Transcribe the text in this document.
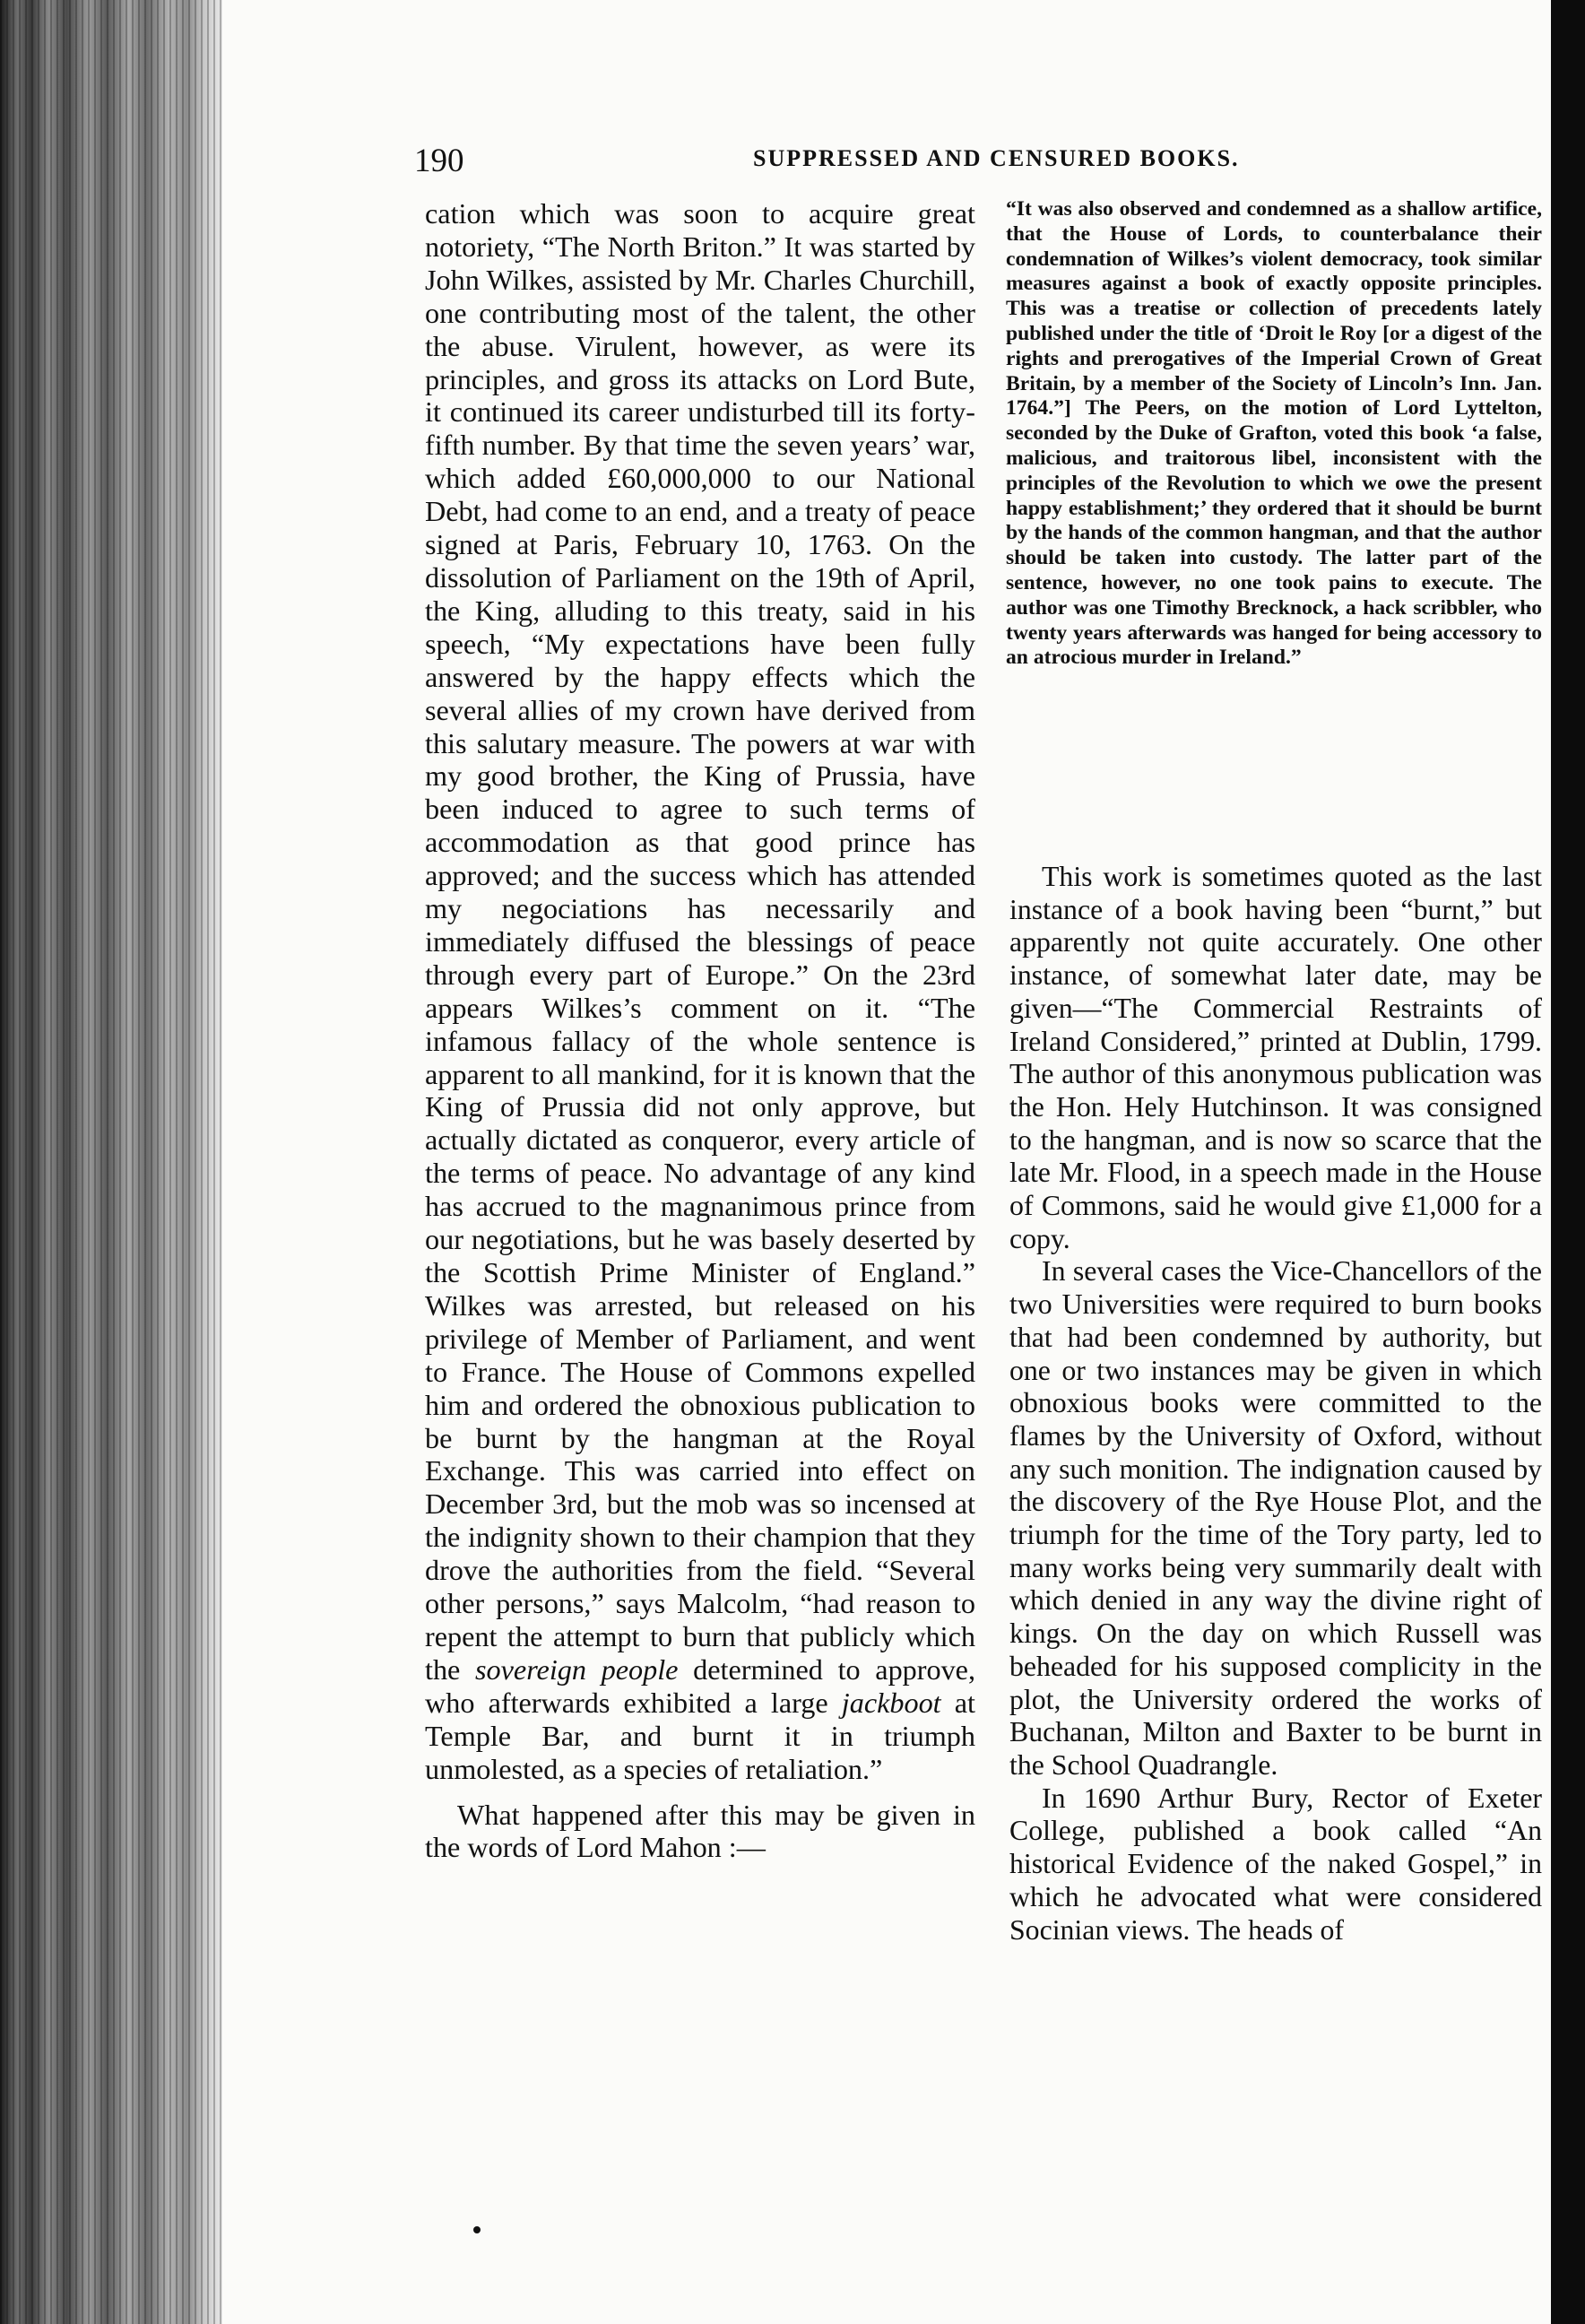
190	SUPPRESSED AND CENSURED BOOKS.

cation which was soon to acquire great notoriety, “The North Briton.” It was started by John Wilkes, assisted by Mr. Charles Churchill, one contributing most of the talent, the other the abuse. Virulent, however, as were its principles, and gross its attacks on Lord Bute, it continued its career undisturbed till its forty-fifth number. By that time the seven years’ war, which added £60,000,000 to our National Debt, had come to an end, and a treaty of peace signed at Paris, February 10, 1763. On the dissolution of Parliament on the 19th of April, the King, alluding to this treaty, said in his speech, “My expectations have been fully answered by the happy effects which the several allies of my crown have derived from this salutary measure. The powers at war with my good brother, the King of Prussia, have been induced to agree to such terms of accommodation as that good prince has approved; and the success which has attended my negociations has necessarily and immediately diffused the blessings of peace through every part of Europe.” On the 23rd appears Wilkes’s comment on it. “The infamous fallacy of the whole sentence is apparent to all mankind, for it is known that the King of Prussia did not only approve, but actually dictated as conqueror, every article of the terms of peace. No advantage of any kind has accrued to the magnanimous prince from our negotiations, but he was basely deserted by the Scottish Prime Minister of England.” Wilkes was arrested, but released on his privilege of Member of Parliament, and went to France. The House of Commons expelled him and ordered the obnoxious publication to be burnt by the hangman at the Royal Exchange. This was carried into effect on December 3rd, but the mob was so incensed at the indignity shown to their champion that they drove the authorities from the field. “Several other persons,” says Malcolm, “had reason to repent the attempt to burn that publicly which the sovereign people determined to approve, who afterwards exhibited a large jackboot at Temple Bar, and burnt it in triumph unmolested, as a species of retaliation.”

What happened after this may be given in the words of Lord Mahon :—

“It was also observed and condemned as a shallow artifice, that the House of Lords, to counterbalance their condemnation of Wilkes’s violent democracy, took similar measures against a book of exactly opposite principles. This was a treatise or collection of precedents lately published under the title of ‘Droit le Roy [or a digest of the rights and prerogatives of the Imperial Crown of Great Britain, by a member of the Society of Lincoln’s Inn. Jan. 1764.”] The Peers, on the motion of Lord Lyttelton, seconded by the Duke of Grafton, voted this book ‘a false, malicious, and traitorous libel, inconsistent with the principles of the Revolution to which we owe the present happy establishment;’ they ordered that it should be burnt by the hands of the common hangman, and that the author should be taken into custody. The latter part of the sentence, however, no one took pains to execute. The author was one Timothy Brecknock, a hack scribbler, who twenty years afterwards was hanged for being accessory to an atrocious murder in Ireland.”

This work is sometimes quoted as the last instance of a book having been “burnt,” but apparently not quite accurately. One other instance, of somewhat later date, may be given—“The Commercial Restraints of Ireland Considered,” printed at Dublin, 1799. The author of this anonymous publication was the Hon. Hely Hutchinson. It was consigned to the hangman, and is now so scarce that the late Mr. Flood, in a speech made in the House of Commons, said he would give £1,000 for a copy.

In several cases the Vice-Chancellors of the two Universities were required to burn books that had been condemned by authority, but one or two instances may be given in which obnoxious books were committed to the flames by the University of Oxford, without any such monition. The indignation caused by the discovery of the Rye House Plot, and the triumph for the time of the Tory party, led to many works being very summarily dealt with which denied in any way the divine right of kings. On the day on which Russell was beheaded for his supposed complicity in the plot, the University ordered the works of Buchanan, Milton and Baxter to be burnt in the School Quadrangle.

In 1690 Arthur Bury, Rector of Exeter College, published a book called “An historical Evidence of the naked Gospel,” in which he advocated what were considered Socinian views. The heads of
